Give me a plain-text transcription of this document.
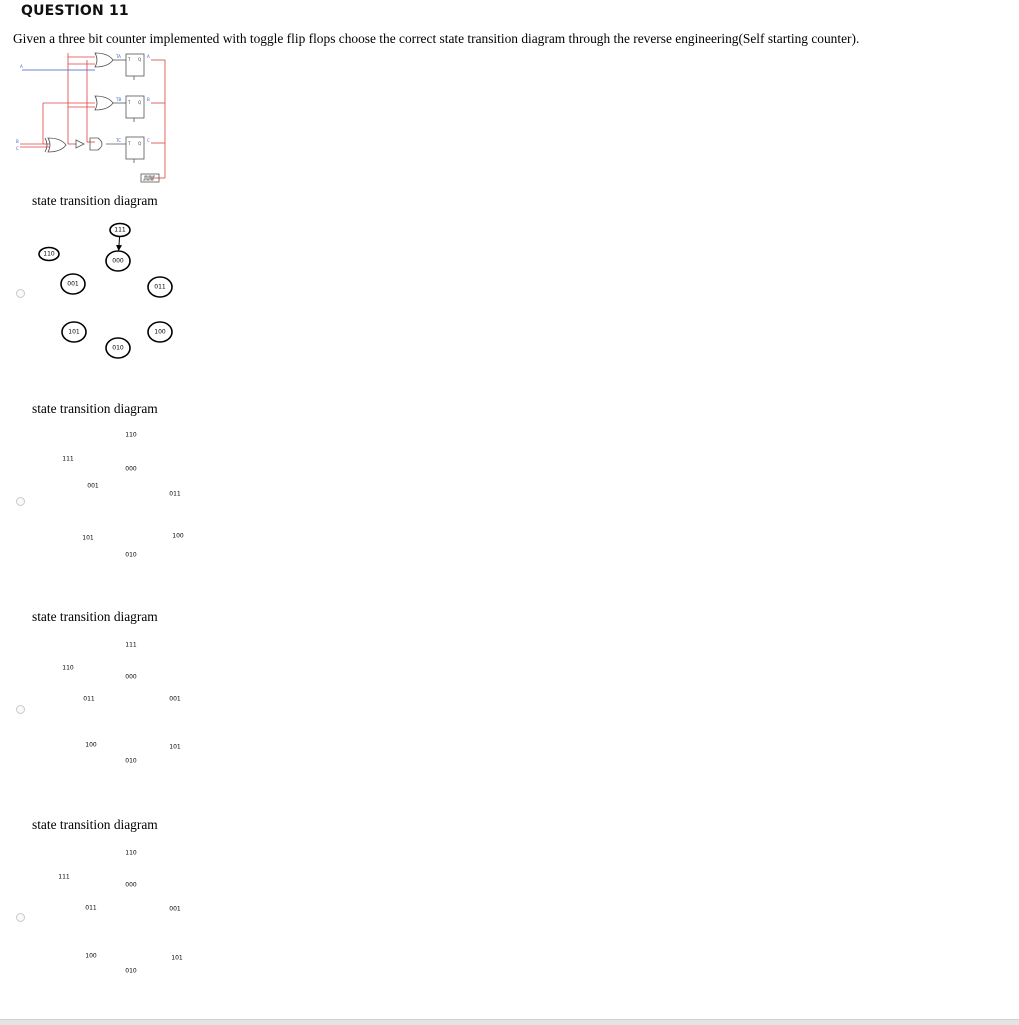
QUESTION 11
Given a three bit counter implemented with toggle flip flops choose the correct state transition diagram through the reverse engineering(Self starting counter).
A
B
C
TA
TB
TC
T Q
T Q
T Q
A
B
C
state transition diagram
111
110
000
001	011
101
010
100
state transition diagram
110
111
000
001
011
101
010
100
state transition diagram
111
110
000
011	001
100
010
101
state transition diagram
110
111
000
011	001
100
010
101
